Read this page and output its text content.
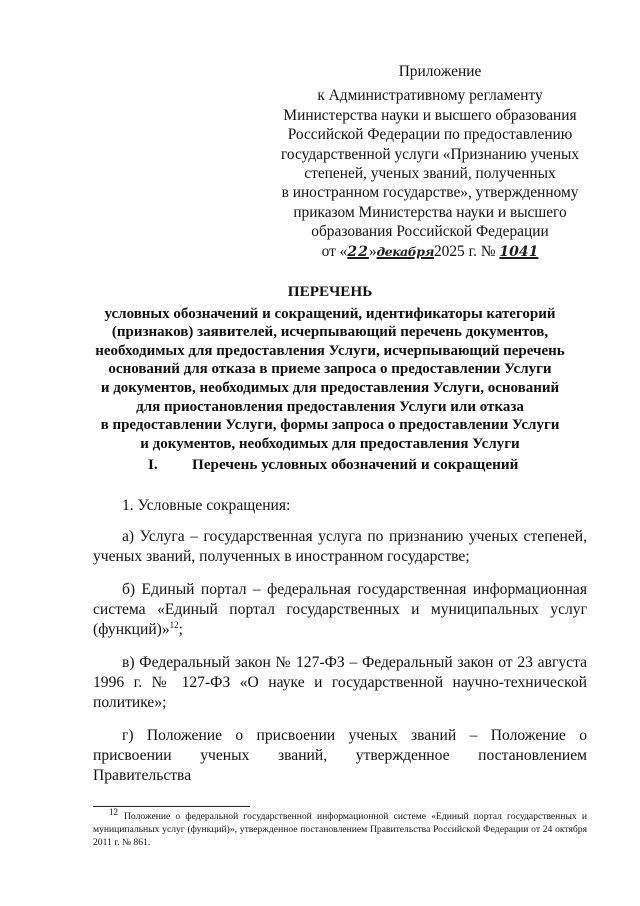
Приложение
к Административному регламенту
Министерства науки и высшего образования
Российской Федерации по предоставлению
государственной услуги «Признанию ученых
степеней, ученых званий, полученных
в иностранном государстве», утвержденному
приказом Министерства науки и высшего
образования Российской Федерации
от «22»декабря2025 г. № 1041
ПЕРЕЧЕНЬ
условных обозначений и сокращений, идентификаторы категорий
(признаков) заявителей, исчерпывающий перечень документов,
необходимых для предоставления Услуги, исчерпывающий перечень
оснований для отказа в приеме запроса о предоставлении Услуги
и документов, необходимых для предоставления Услуги, оснований
для приостановления предоставления Услуги или отказа
в предоставлении Услуги, формы запроса о предоставлении Услуги
и документов, необходимых для предоставления Услуги
I. Перечень условных обозначений и сокращений

1. Условные сокращения:

а) Услуга – государственная услуга по признанию ученых степеней, ученых званий, полученных в иностранном государстве;

б) Единый портал – федеральная государственная информационная система «Единый портал государственных и муниципальных услуг (функций)»$^{12}$;

в) Федеральный закон № 127-ФЗ – Федеральный закон от 23 августа 1996 г. № 127-ФЗ «О науке и государственной научно-технической политике»;

г) Положение о присвоении ученых званий – Положение о присвоении ученых званий, утвержденное постановлением Правительства

$^{12}$ Положение о федеральной государственной информационной системе «Единый портал государственных и муниципальных услуг (функций)», утвержденное постановлением Правительства Российской Федерации от 24 октября 2011 г. № 861.
